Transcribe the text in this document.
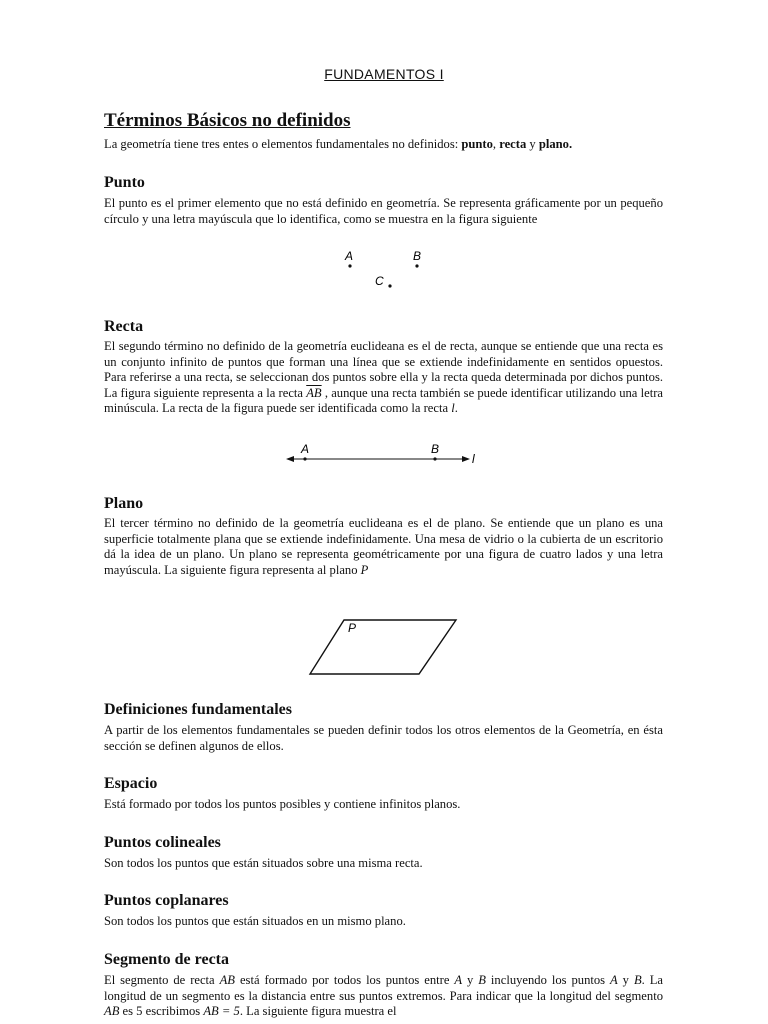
FUNDAMENTOS I
Términos Básicos no definidos

La geometría tiene tres entes o elementos fundamentales no definidos: punto, recta y plano.

Punto

El punto es el primer elemento que no está definido en geometría. Se representa gráficamente por un pequeño círculo y una letra mayúscula que lo identifica, como se muestra en la figura siguiente

A	B
C
Recta

El segundo término no definido de la geometría euclideana es el de recta, aunque se entiende que una recta es un conjunto infinito de puntos que forman una línea que se extiende indefinidamente en sentidos opuestos. Para referirse a una recta, se seleccionan dos puntos sobre ella y la recta queda determinada por dichos puntos. La figura siguiente representa a la recta $\overline{AB}$ , aunque una recta también se puede identificar utilizando una letra minúscula. La recta de la figura puede ser identificada como la recta l.

A	B
l
Plano

El tercer término no definido de la geometría euclideana es el de plano. Se entiende que un plano es una superficie totalmente plana que se extiende indefinidamente. Una mesa de vidrio o la cubierta de un escritorio dá la idea de un plano. Un plano se representa geométricamente por una figura de cuatro lados y una letra mayúscula. La siguiente figura representa al plano P

P
Definiciones fundamentales

A partir de los elementos fundamentales se pueden definir todos los otros elementos de la Geometría, en ésta sección se definen algunos de ellos.

Espacio

Está formado por todos los puntos posibles y contiene infinitos planos.

Puntos colineales

Son todos los puntos que están situados sobre una misma recta.

Puntos coplanares

Son todos los puntos que están situados en un mismo plano.

Segmento de recta

El segmento de recta AB está formado por todos los puntos entre A y B incluyendo los puntos A y B. La longitud de un segmento es la distancia entre sus puntos extremos. Para indicar que la longitud del segmento AB es 5 escribimos AB = 5. La siguiente figura muestra el
